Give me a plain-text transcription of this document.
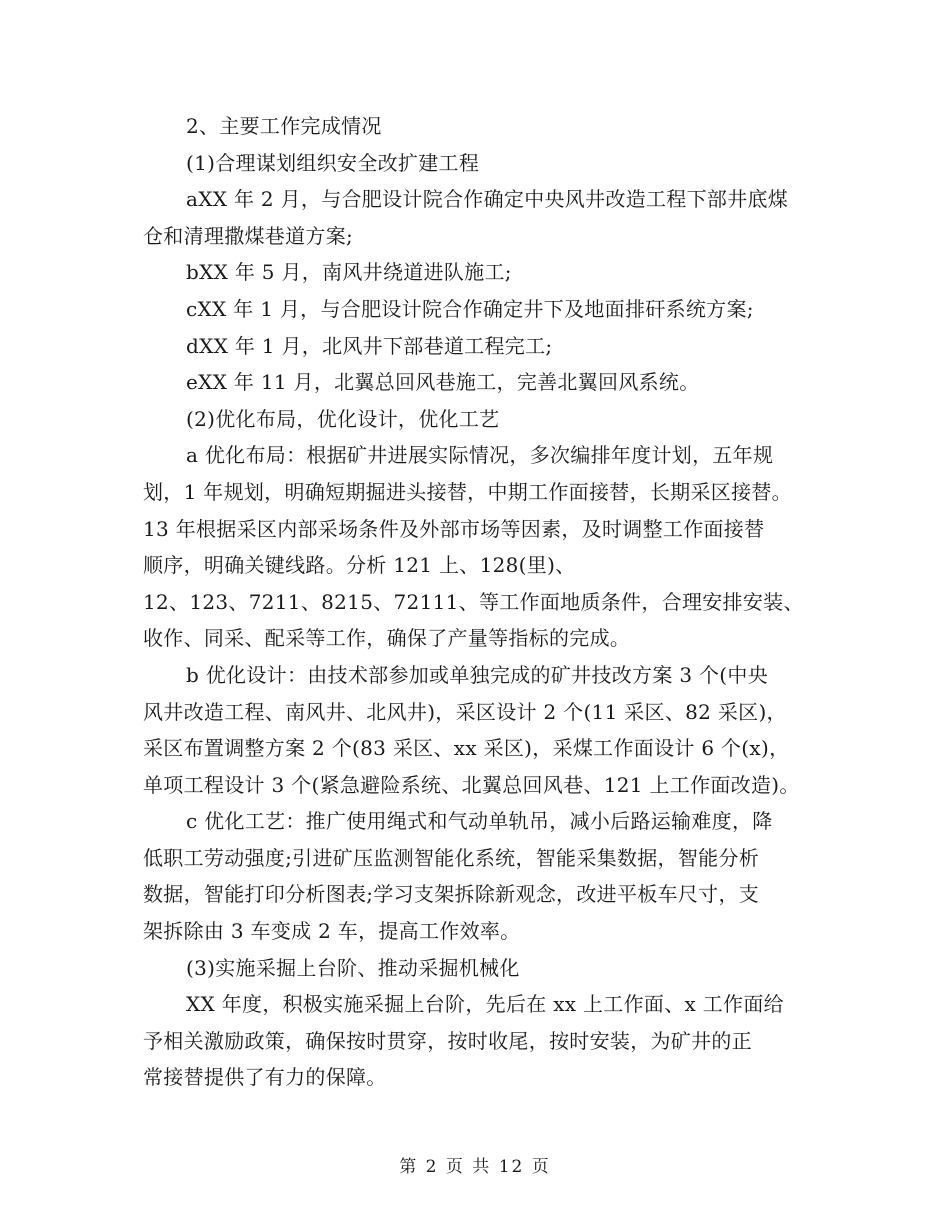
2、主要工作完成情况
(1)合理谋划组织安全改扩建工程
aXX 年 2 月，与合肥设计院合作确定中央风井改造工程下部井底煤
仓和清理撒煤巷道方案;
bXX 年 5 月，南风井绕道进队施工;
cXX 年 1 月，与合肥设计院合作确定井下及地面排矸系统方案;
dXX 年 1 月，北风井下部巷道工程完工;
eXX 年 11 月，北翼总回风巷施工，完善北翼回风系统。
(2)优化布局，优化设计，优化工艺
a 优化布局：根据矿井进展实际情况，多次编排年度计划，五年规
划，1 年规划，明确短期掘进头接替，中期工作面接替，长期采区接替。
13 年根据采区内部采场条件及外部市场等因素，及时调整工作面接替
顺序，明确关键线路。分析 121 上、128(里)、
12、123、7211、8215、72111、等工作面地质条件，合理安排安装、
收作、同采、配采等工作，确保了产量等指标的完成。
b 优化设计：由技术部参加或单独完成的矿井技改方案 3 个(中央
风井改造工程、南风井、北风井)，采区设计 2 个(11 采区、82 采区)，
采区布置调整方案 2 个(83 采区、xx 采区)，采煤工作面设计 6 个(x)，
单项工程设计 3 个(紧急避险系统、北翼总回风巷、121 上工作面改造)。
c 优化工艺：推广使用绳式和气动单轨吊，减小后路运输难度，降
低职工劳动强度;引进矿压监测智能化系统，智能采集数据，智能分析
数据，智能打印分析图表;学习支架拆除新观念，改进平板车尺寸，支
架拆除由 3 车变成 2 车，提高工作效率。
(3)实施采掘上台阶、推动采掘机械化
XX 年度，积极实施采掘上台阶，先后在 xx 上工作面、x 工作面给
予相关激励政策，确保按时贯穿，按时收尾，按时安装，为矿井的正
常接替提供了有力的保障。
第 2 页 共 12 页
